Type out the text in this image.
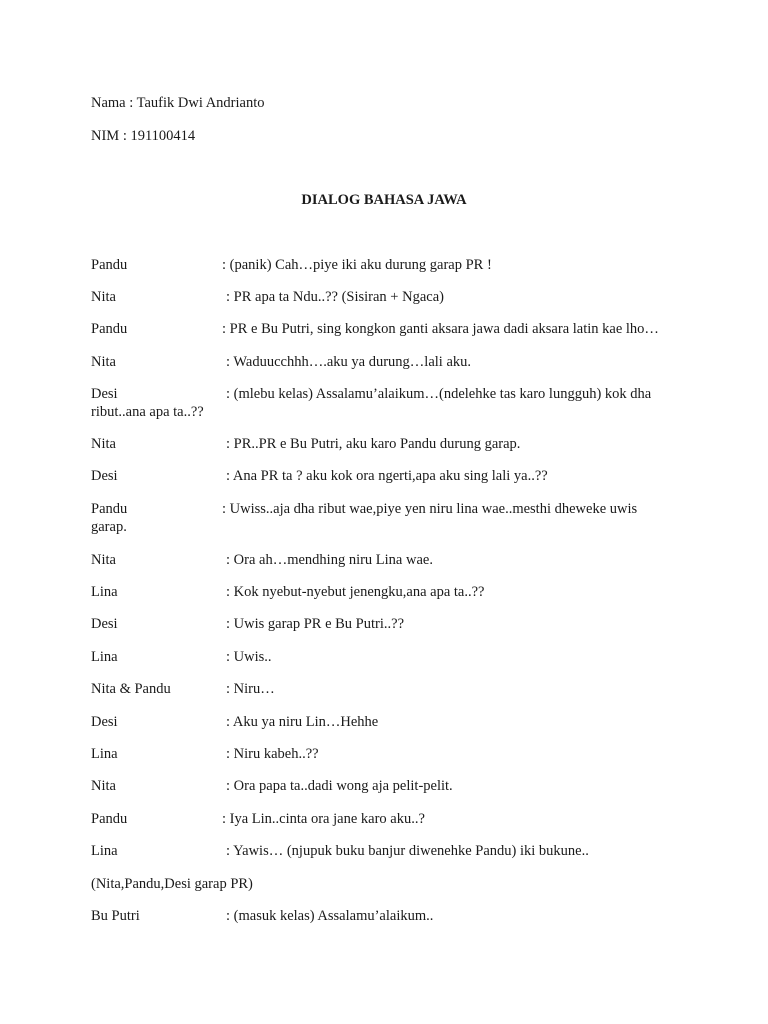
Nama : Taufik Dwi Andrianto
NIM : 191100414
DIALOG BAHASA JAWA
Pandu	: (panik) Cah…piye iki aku durung garap PR !
Nita	: PR apa ta Ndu..?? (Sisiran + Ngaca)
Pandu	: PR e Bu Putri, sing kongkon ganti aksara jawa dadi aksara latin kae lho…
Nita	: Waduucchhh….aku ya durung…lali aku.
Desi	: (mlebu kelas) Assalamu’alaikum…(ndelehke tas karo lungguh) kok dha
ribut..ana apa ta..??
Nita	: PR..PR e Bu Putri, aku karo Pandu durung garap.
Desi	: Ana PR ta ? aku kok ora ngerti,apa aku sing lali ya..??
Pandu	: Uwiss..aja dha ribut wae,piye yen niru lina wae..mesthi dheweke uwis
garap.
Nita	: Ora ah…mendhing niru Lina wae.
Lina	: Kok nyebut-nyebut jenengku,ana apa ta..??
Desi	: Uwis garap PR e Bu Putri..??
Lina	: Uwis..
Nita & Pandu	: Niru…
Desi	: Aku ya niru Lin…Hehhe
Lina	: Niru kabeh..??
Nita	: Ora papa ta..dadi wong aja pelit-pelit.
Pandu	: Iya Lin..cinta ora jane karo aku..?
Lina	: Yawis… (njupuk buku banjur diwenehke Pandu) iki bukune..
(Nita,Pandu,Desi garap PR)
Bu Putri	: (masuk kelas) Assalamu’alaikum..
